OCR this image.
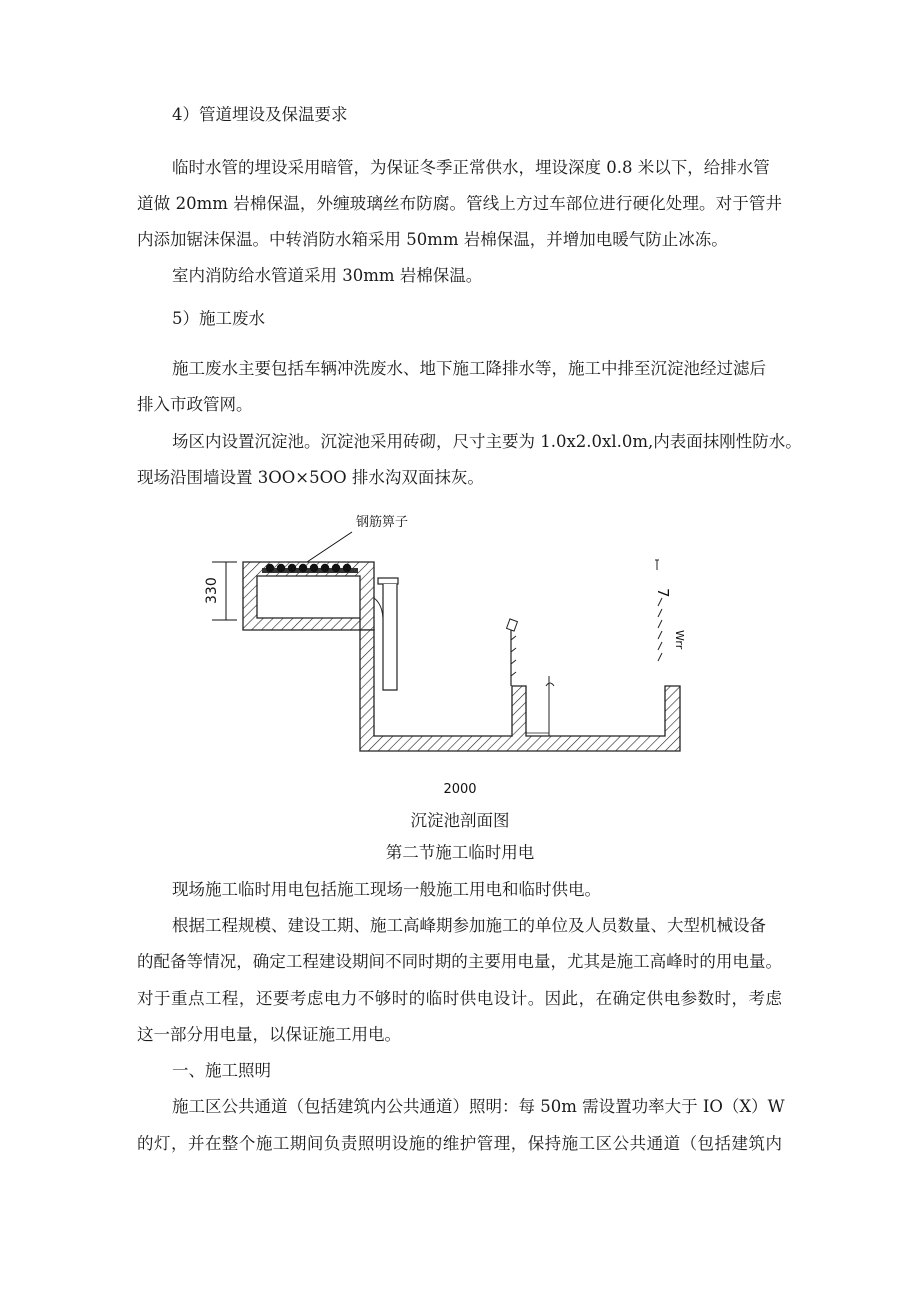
4）管道埋设及保温要求
临时水管的埋设采用暗管，为保证冬季正常供水，埋设深度 0.8 米以下，给排水管
道做 20mm 岩棉保温，外缠玻璃丝布防腐。管线上方过车部位进行硬化处理。对于管井
内添加锯沫保温。中转消防水箱采用 50mm 岩棉保温，并增加电暖气防止冰冻。
室内消防给水管道采用 30mm 岩棉保温。
5）施工废水
施工废水主要包括车辆冲洗废水、地下施工降排水等，施工中排至沉淀池经过滤后
排入市政管网。
场区内设置沉淀池。沉淀池采用砖砌，尺寸主要为 1.0x2.0xl.0m,内表面抹刚性防水。
现场沿围墙设置 3OO×5OO 排水沟双面抹灰。
钢筋箅子
330	7
Wrr
2000
沉淀池剖面图
第二节施工临时用电
现场施工临时用电包括施工现场一般施工用电和临时供电。
根据工程规模、建设工期、施工高峰期参加施工的单位及人员数量、大型机械设备
的配备等情况，确定工程建设期间不同时期的主要用电量，尤其是施工高峰时的用电量。
对于重点工程，还要考虑电力不够时的临时供电设计。因此，在确定供电参数时，考虑
这一部分用电量，以保证施工用电。
一、施工照明
施工区公共通道（包括建筑内公共通道）照明：每 50m 需设置功率大于 IO（X）W
的灯，并在整个施工期间负责照明设施的维护管理，保持施工区公共通道（包括建筑内
